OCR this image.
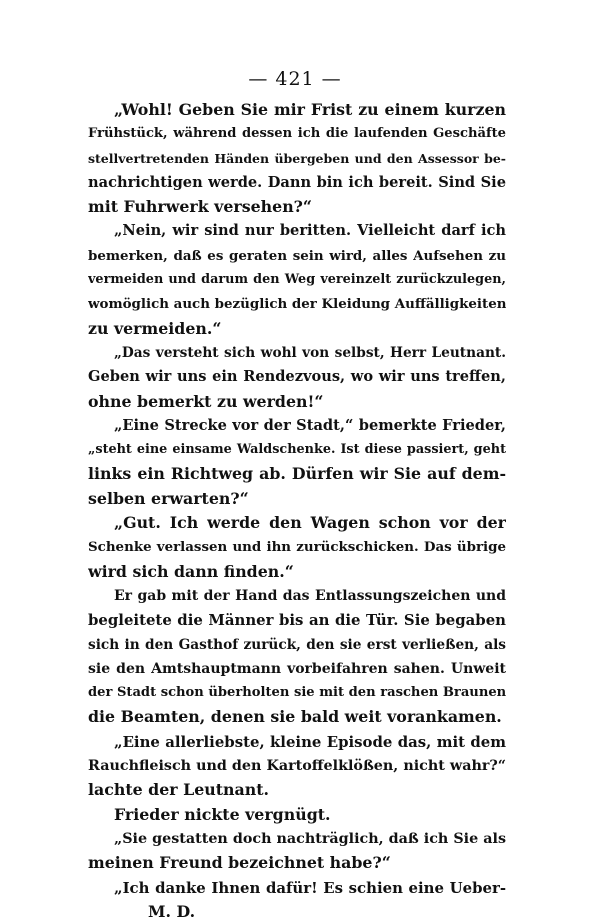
— 421 —
„Wohl! Geben Sie mir Frist zu einem kurzen
Frühstück, während dessen ich die laufenden Geschäfte
stellvertretenden Händen übergeben und den Assessor be-
nachrichtigen werde. Dann bin ich bereit. Sind Sie
mit Fuhrwerk versehen?“
„Nein, wir sind nur beritten. Vielleicht darf ich
bemerken, daß es geraten sein wird, alles Aufsehen zu
vermeiden und darum den Weg vereinzelt zurückzulegen,
womöglich auch bezüglich der Kleidung Auffälligkeiten
zu vermeiden.“
„Das versteht sich wohl von selbst, Herr Leutnant.
Geben wir uns ein Rendezvous, wo wir uns treffen,
ohne bemerkt zu werden!“
„Eine Strecke vor der Stadt,“ bemerkte Frieder,
„steht eine einsame Waldschenke. Ist diese passiert, geht
links ein Richtweg ab. Dürfen wir Sie auf dem-
selben erwarten?“
„Gut. Ich werde den Wagen schon vor der
Schenke verlassen und ihn zurückschicken. Das übrige
wird sich dann finden.“
Er gab mit der Hand das Entlassungszeichen und
begleitete die Männer bis an die Tür. Sie begaben
sich in den Gasthof zurück, den sie erst verließen, als
sie den Amtshauptmann vorbeifahren sahen. Unweit
der Stadt schon überholten sie mit den raschen Braunen
die Beamten, denen sie bald weit vorankamen.
„Eine allerliebste, kleine Episode das, mit dem
Rauchfleisch und den Kartoffelklößen, nicht wahr?“
lachte der Leutnant.
Frieder nickte vergnügt.
„Sie gestatten doch nachträglich, daß ich Sie als
meinen Freund bezeichnet habe?“
„Ich danke Ihnen dafür! Es schien eine Ueber-
M. D.
